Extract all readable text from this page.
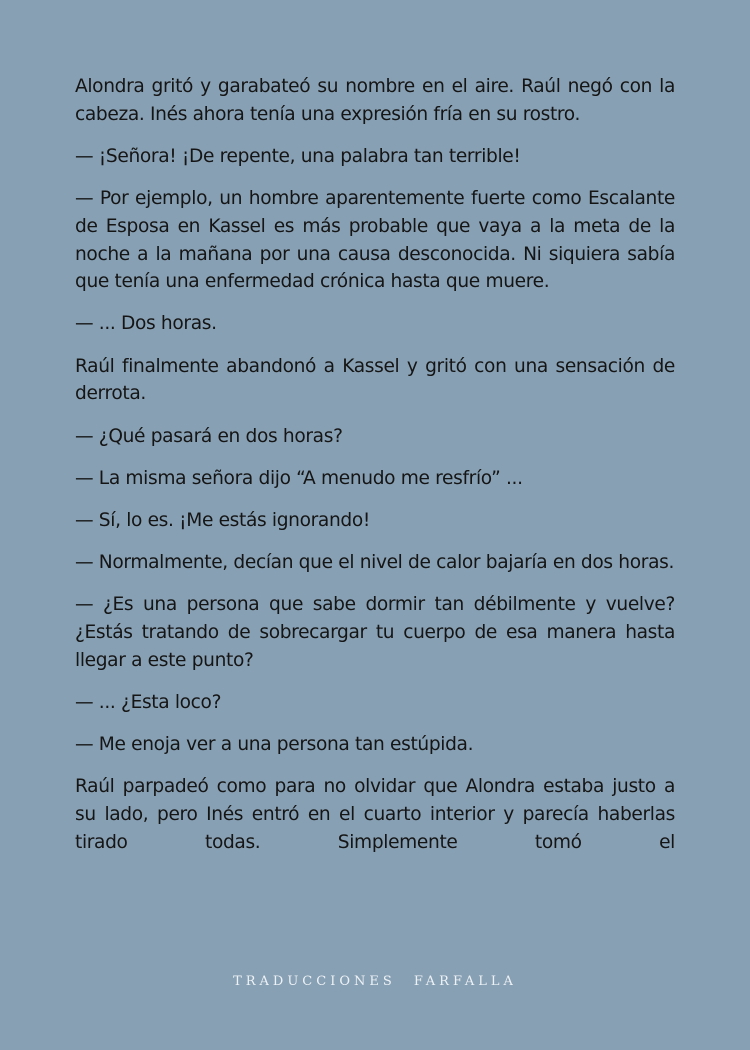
Alondra gritó y garabateó su nombre en el aire. Raúl negó con la cabeza. Inés ahora tenía una expresión fría en su rostro.

— ¡Señora! ¡De repente, una palabra tan terrible!

— Por ejemplo, un hombre aparentemente fuerte como Escalante de Esposa en Kassel es más probable que vaya a la meta de la noche a la mañana por una causa desconocida. Ni siquiera sabía que tenía una enfermedad crónica hasta que muere.

— ... Dos horas.

Raúl finalmente abandonó a Kassel y gritó con una sensación de derrota.

— ¿Qué pasará en dos horas?

— La misma señora dijo “A menudo me resfrío” ...

— Sí, lo es. ¡Me estás ignorando!

— Normalmente, decían que el nivel de calor bajaría en dos horas.

— ¿Es una persona que sabe dormir tan débilmente y vuelve? ¿Estás tratando de sobrecargar tu cuerpo de esa manera hasta llegar a este punto?

— ... ¿Esta loco?

— Me enoja ver a una persona tan estúpida.

Raúl parpadeó como para no olvidar que Alondra estaba justo a su lado, pero Inés entró en el cuarto interior y parecía haberlas tirado todas. Simplemente tomó el

TRADUCCIONES FARFALLA
